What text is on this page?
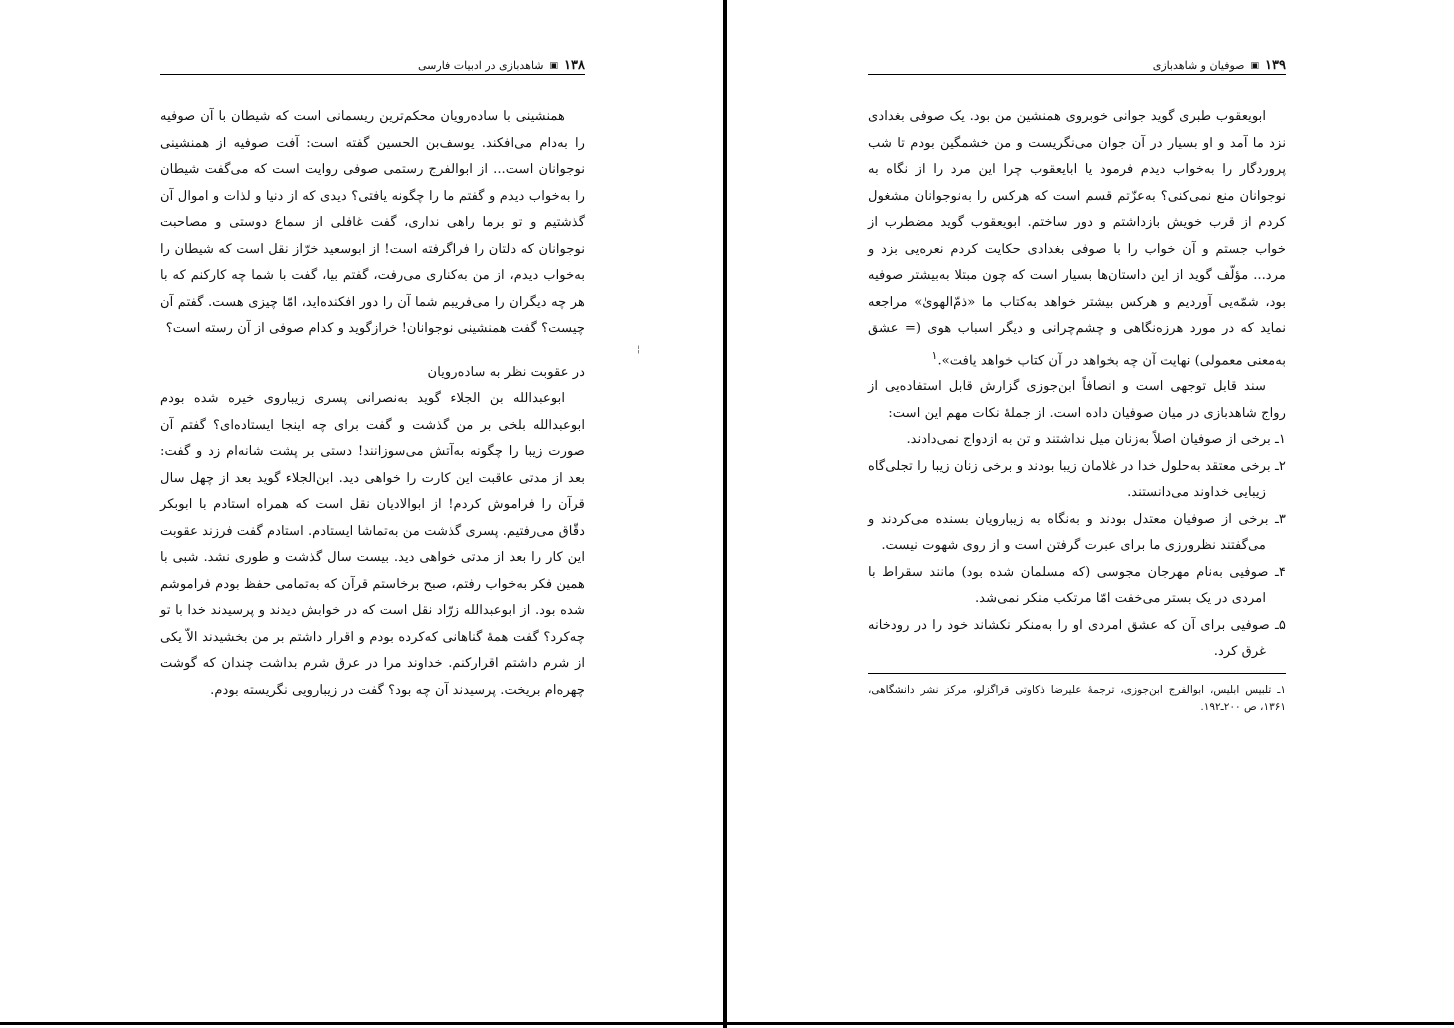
۱۳۸
▣
شاهدبازی در ادبیات فارسی

همنشینی با ساده‌رویان محکم‌ترین ریسمانی است که شیطان با آن صوفیه را به‌دام می‌افکند. یوسف‌بن الحسین گفته است: آفت صوفیه از همنشینی نوجوانان است... از ابوالفرج رستمی صوفی روایت است که می‌گفت شیطان را به‌خواب دیدم و گفتم ما را چگونه یافتی؟ دیدی که از دنیا و لذات و اموال آن گذشتیم و تو برما راهی نداری، گفت غافلی از سماع دوستی و مصاحبت نوجوانان که دلتان را فراگرفته است! از ابوسعید خرّاز نقل است که شیطان را به‌خواب دیدم، از من به‌کناری می‌رفت، گفتم بیا، گفت با شما چه کارکنم که با هر چه دیگران را می‌فریبم شما آن را دور افکنده‌اید، امّا چیزی هست. گفتم آن چیست؟ گفت همنشینی نوجوانان! خرازگوید و کدام صوفی از آن رسته است؟

در عقوبت نظر به ساده‌رویان

ابوعبدالله بن الجلاء گوید به‌نصرانی پسری زیباروی خیره شده بودم ابوعبدالله بلخی بر من گذشت و گفت برای چه اینجا ایستاده‌ای؟ گفتم آن صورت زیبا را چگونه به‌آتش می‌سوزانند! دستی بر پشت شانه‌ام زد و گفت: بعد از مدتی عاقبت این کارت را خواهی دید. ابن‌الجلاء گوید بعد از چهل سال قرآن را فراموش کردم! از ابوالادیان نقل است که همراه استادم با ابوبکر دقّاق می‌رفتیم. پسری گذشت من به‌تماشا ایستادم. استادم گفت فرزند عقوبت این کار را بعد از مدتی خواهی دید. بیست سال گذشت و طوری نشد. شبی با همین فکر به‌خواب رفتم، صبح برخاستم قرآن که به‌تمامی حفظ بودم فراموشم شده بود. از ابوعبدالله زرّاد نقل است که در خوابش دیدند و پرسیدند خدا با تو چه‌کرد؟ گفت همهٔ گناهانی که‌کرده بودم و اقرار داشتم بر من بخشیدند الاّ یکی از شرم داشتم اقرارکنم. خداوند مرا در عرق شرم بداشت چندان که گوشت چهره‌ام بریخت. پرسیدند آن چه بود؟ گفت در زیبارویی نگریسته بودم.

¦
۱۳۹
▣
صوفیان و شاهدبازی

ابویعقوب طبری گوید جوانی خوبروی همنشین من بود. یک صوفی بغدادی نزد ما آمد و او بسیار در آن جوان می‌نگریست و من خشمگین بودم تا شب پروردگار را به‌خواب دیدم فرمود یا ابایعقوب چرا این مرد را از نگاه به نوجوانان منع نمی‌کنی؟ به‌عزّتم قسم است که هرکس را به‌نوجوانان مشغول کردم از قرب خویش بازداشتم و دور ساختم. ابویعقوب گوید مضطرب از خواب جستم و آن خواب را با صوفی بغدادی حکایت کردم نعره‌یی بزد و مرد... مؤلّف گوید از این داستان‌ها بسیار است که چون مبتلا به‌بیشتر صوفیه بود، شمّه‌یی آوردیم و هرکس بیشتر خواهد به‌کتاب ما «ذمّ‌الهویٰ» مراجعه نماید که در مورد هرزه‌نگاهی و چشم‌چرانی و دیگر اسباب هوی (= عشق به‌معنی معمولی) نهایت آن چه بخواهد در آن کتاب خواهد یافت».$^۱$

سند قابل توجهی است و انصافاً ابن‌جوزی گزارش قابل استفاده‌یی از رواج شاهدبازی در میان صوفیان داده است. از جملهٔ نکات مهم این است:

۱ـ برخی از صوفیان اصلاً به‌زنان میل نداشتند و تن به ازدواج نمی‌دادند.

۲ـ برخی معتقد به‌حلول خدا در غلامان زیبا بودند و برخی زنان زیبا را تجلی‌گاه زیبایی خداوند می‌دانستند.

۳ـ برخی از صوفیان معتدل بودند و به‌نگاه به زیبارویان بسنده می‌کردند و می‌گفتند نظرورزی ما برای عبرت گرفتن است و از روی شهوت نیست.

۴ـ صوفیی به‌نام مهرجان مجوسی (که مسلمان شده بود) مانند سقراط با امردی در یک بستر می‌خفت امّا مرتکب منکر نمی‌شد.

۵ـ صوفیی برای آن که عشق امردی او را به‌منکر نکشاند خود را در رودخانه غرق کرد.

۱ـ تلبیس ابلیس، ابوالفرج ابن‌جوزی، ترجمهٔ علیرضا ذکاوتی قراگزلو، مرکز نشر دانشگاهی، ۱۳۶۱، ص ۲۰۰ـ۱۹۲.
